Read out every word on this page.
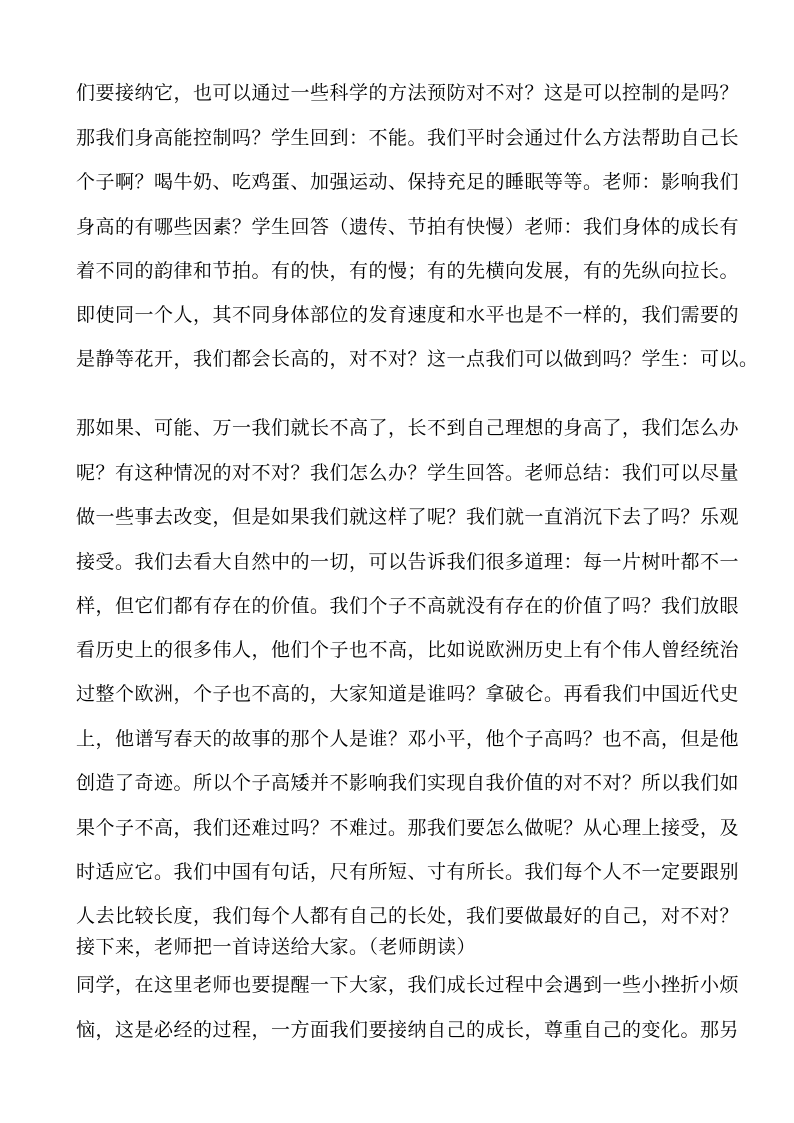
们要接纳它，也可以通过一些科学的方法预防对不对？这是可以控制的是吗？
那我们身高能控制吗？学生回到：不能。我们平时会通过什么方法帮助自己长
个子啊？喝牛奶、吃鸡蛋、加强运动、保持充足的睡眠等等。老师：影响我们
身高的有哪些因素？学生回答（遗传、节拍有快慢）老师：我们身体的成长有
着不同的韵律和节拍。有的快，有的慢；有的先横向发展，有的先纵向拉长。
即使同一个人，其不同身体部位的发育速度和水平也是不一样的，我们需要的
是静等花开，我们都会长高的，对不对？这一点我们可以做到吗？学生：可以。
那如果、可能、万一我们就长不高了，长不到自己理想的身高了，我们怎么办
呢？有这种情况的对不对？我们怎么办？学生回答。老师总结：我们可以尽量
做一些事去改变，但是如果我们就这样了呢？我们就一直消沉下去了吗？乐观
接受。我们去看大自然中的一切，可以告诉我们很多道理：每一片树叶都不一
样，但它们都有存在的价值。我们个子不高就没有存在的价值了吗？我们放眼
看历史上的很多伟人，他们个子也不高，比如说欧洲历史上有个伟人曾经统治
过整个欧洲，个子也不高的，大家知道是谁吗？拿破仑。再看我们中国近代史
上，他谱写春天的故事的那个人是谁？邓小平，他个子高吗？也不高，但是他
创造了奇迹。所以个子高矮并不影响我们实现自我价值的对不对？所以我们如
果个子不高，我们还难过吗？不难过。那我们要怎么做呢？从心理上接受，及
时适应它。我们中国有句话，尺有所短、寸有所长。我们每个人不一定要跟别
人去比较长度，我们每个人都有自己的长处，我们要做最好的自己，对不对？
接下来，老师把一首诗送给大家。（老师朗读）
同学，在这里老师也要提醒一下大家，我们成长过程中会遇到一些小挫折小烦
恼，这是必经的过程，一方面我们要接纳自己的成长，尊重自己的变化。那另
